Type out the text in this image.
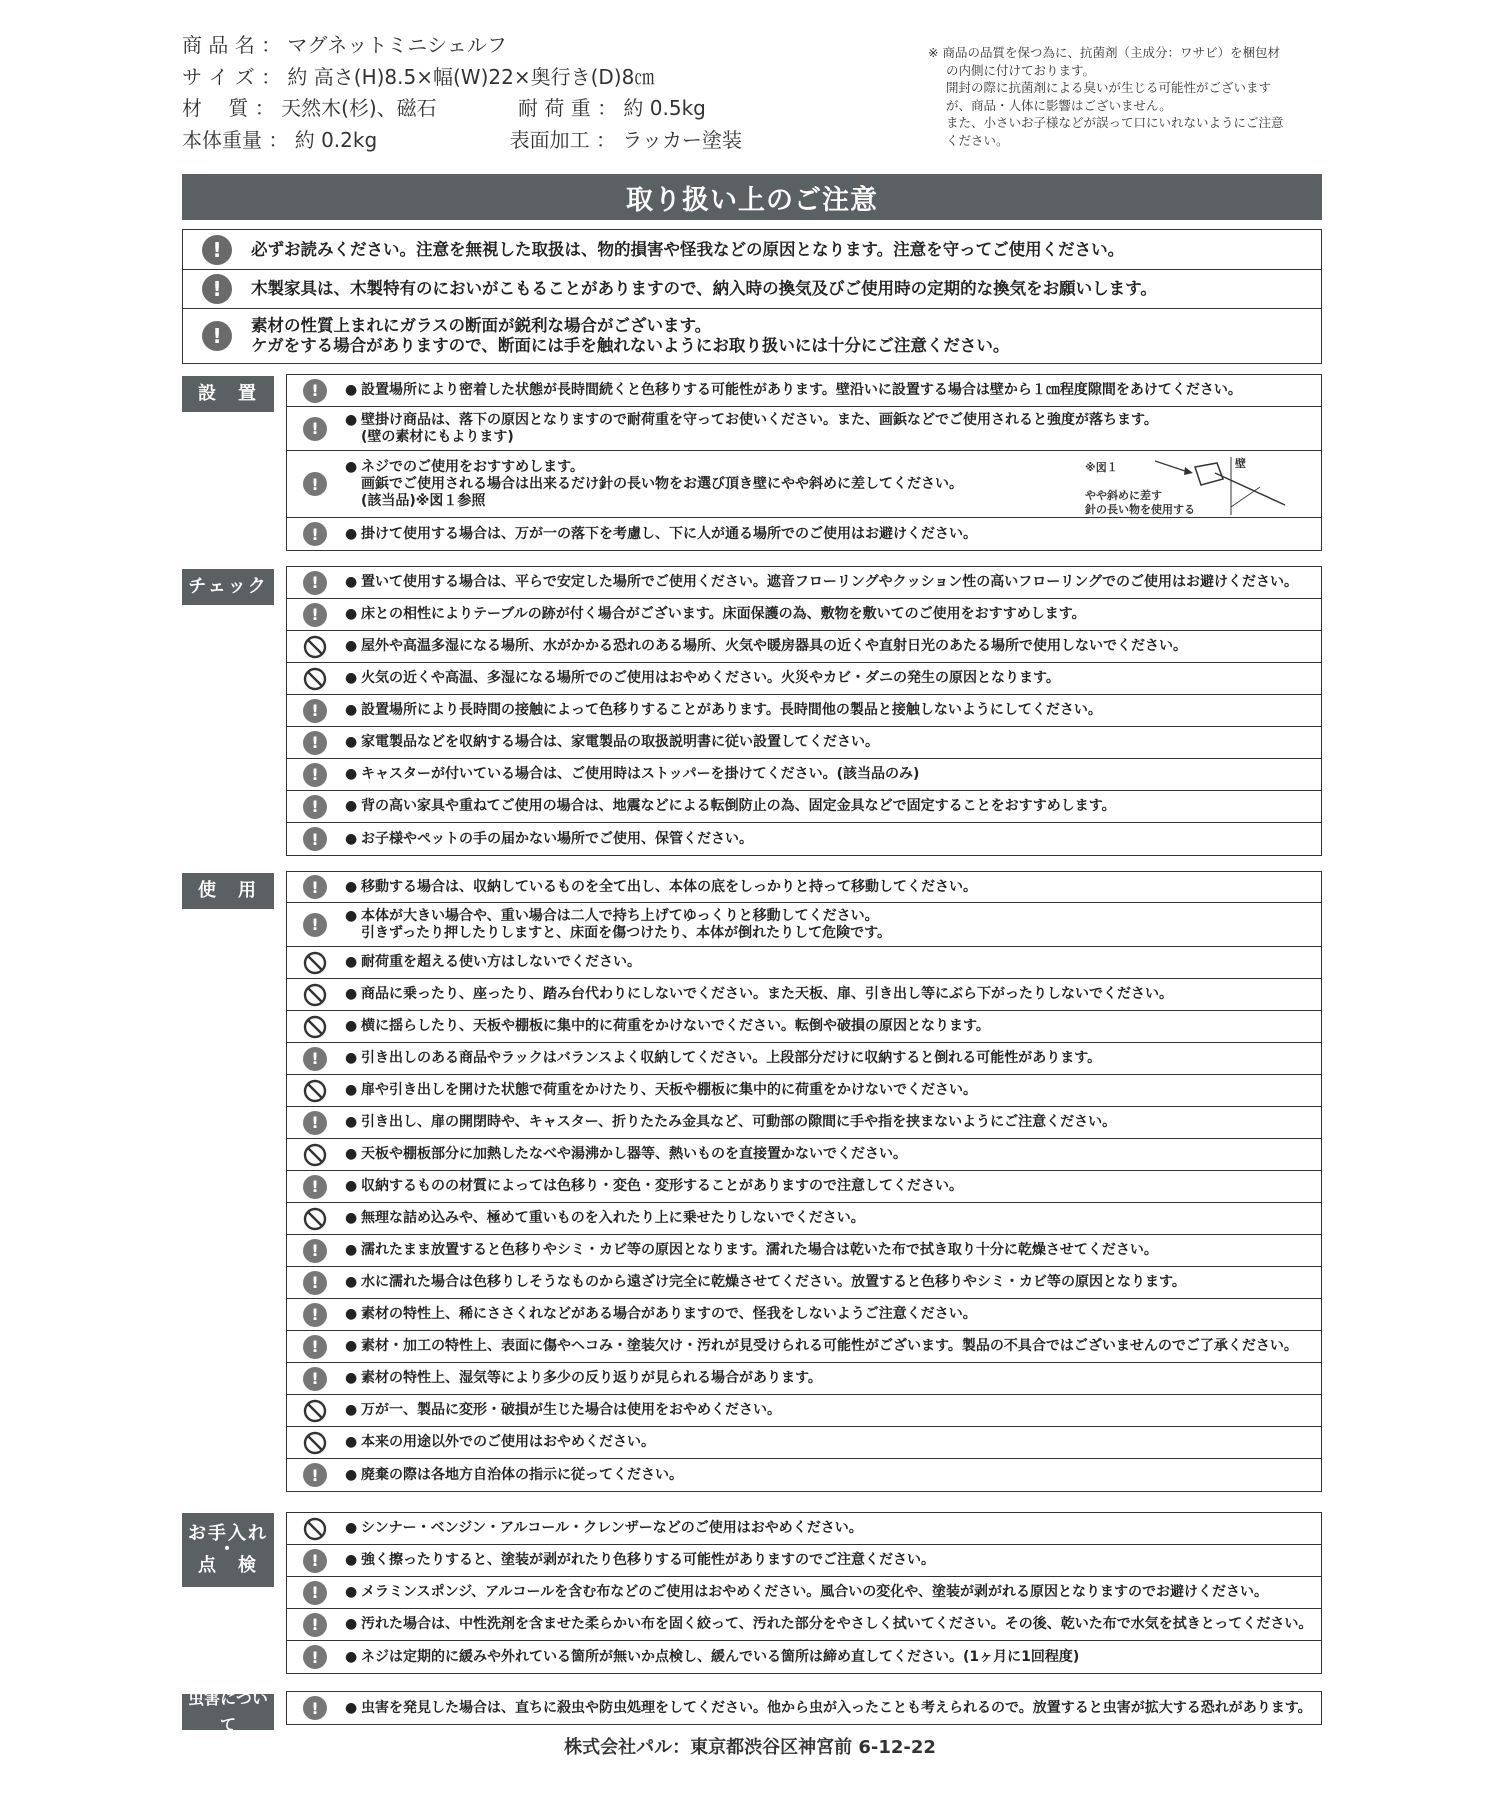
商 品 名 ： マグネットミニシェルフ
サ イ ズ ： 約 高さ(H)8.5×幅(W)22×奥行き(D)8㎝
材　 質 ： 天然木(杉)、磁石	耐 荷 重 ： 約 0.5kg
本体重量 ： 約 0.2kg	表面加工 ： ラッカー塗装
※ 商品の品質を保つ為に、抗菌剤（主成分：ワサビ）を梱包材
の内側に付けております。
開封の際に抗菌剤による臭いが生じる可能性がございます
が、商品・人体に影響はございません。
また、小さいお子様などが誤って口にいれないようにご注意
ください。
取り扱い上のご注意
!	必ずお読みください。注意を無視した取扱は、物的損害や怪我などの原因となります。注意を守ってご使用ください。
!	木製家具は、木製特有のにおいがこもることがありますので、納入時の換気及びご使用時の定期的な換気をお願いします。
!	素材の性質上まれにガラスの断面が鋭利な場合がございます。
ケガをする場合がありますので、断面には手を触れないようにお取り扱いには十分にご注意ください。
設　置	!	● 設置場所により密着した状態が長時間続くと色移りする可能性があります。壁沿いに設置する場合は壁から１㎝程度隙間をあけてください。
!	● 壁掛け商品は、落下の原因となりますので耐荷重を守ってお使いください。また、画鋲などでご使用されると強度が落ちます。
(壁の素材にもよります)
!
● ネジでのご使用をおすすめします。
画鋲でご使用される場合は出来るだけ針の長い物をお選び頂き壁にやや斜めに差してください。
(該当品)※図１参照
※図１	壁
やや斜めに差す
針の長い物を使用する
!	● 掛けて使用する場合は、万が一の落下を考慮し、下に人が通る場所でのご使用はお避けください。
チェック	!	● 置いて使用する場合は、平らで安定した場所でご使用ください。遮音フローリングやクッション性の高いフローリングでのご使用はお避けください。
!	● 床との相性によりテーブルの跡が付く場合がございます。床面保護の為、敷物を敷いてのご使用をおすすめします。
● 屋外や高温多湿になる場所、水がかかる恐れのある場所、火気や暖房器具の近くや直射日光のあたる場所で使用しないでください。
● 火気の近くや高温、多湿になる場所でのご使用はおやめください。火災やカビ・ダニの発生の原因となります。
!	● 設置場所により長時間の接触によって色移りすることがあります。長時間他の製品と接触しないようにしてください。
!	● 家電製品などを収納する場合は、家電製品の取扱説明書に従い設置してください。
!	● キャスターが付いている場合は、ご使用時はストッパーを掛けてください。(該当品のみ)
!	● 背の高い家具や重ねてご使用の場合は、地震などによる転倒防止の為、固定金具などで固定することをおすすめします。
!	● お子様やペットの手の届かない場所でご使用、保管ください。
使　用	!	● 移動する場合は、収納しているものを全て出し、本体の底をしっかりと持って移動してください。
!	● 本体が大きい場合や、重い場合は二人で持ち上げてゆっくりと移動してください。
引きずったり押したりしますと、床面を傷つけたり、本体が倒れたりして危険です。
● 耐荷重を超える使い方はしないでください。
● 商品に乗ったり、座ったり、踏み台代わりにしないでください。また天板、扉、引き出し等にぶら下がったりしないでください。
● 横に揺らしたり、天板や棚板に集中的に荷重をかけないでください。転倒や破損の原因となります。
!	● 引き出しのある商品やラックはバランスよく収納してください。上段部分だけに収納すると倒れる可能性があります。
● 扉や引き出しを開けた状態で荷重をかけたり、天板や棚板に集中的に荷重をかけないでください。
!	● 引き出し、扉の開閉時や、キャスター、折りたたみ金具など、可動部の隙間に手や指を挟まないようにご注意ください。
● 天板や棚板部分に加熱したなべや湯沸かし器等、熱いものを直接置かないでください。
!	● 収納するものの材質によっては色移り・変色・変形することがありますので注意してください。
● 無理な詰め込みや、極めて重いものを入れたり上に乗せたりしないでください。
!	● 濡れたまま放置すると色移りやシミ・カビ等の原因となります。濡れた場合は乾いた布で拭き取り十分に乾燥させてください。
!	● 水に濡れた場合は色移りしそうなものから遠ざけ完全に乾燥させてください。放置すると色移りやシミ・カビ等の原因となります。
!	● 素材の特性上、稀にささくれなどがある場合がありますので、怪我をしないようご注意ください。
!	● 素材・加工の特性上、表面に傷やヘコみ・塗装欠け・汚れが見受けられる可能性がございます。製品の不具合ではございませんのでご了承ください。
!	● 素材の特性上、湿気等により多少の反り返りが見られる場合があります。
● 万が一、製品に変形・破損が生じた場合は使用をおやめください。
● 本来の用途以外でのご使用はおやめください。
!	● 廃棄の際は各地方自治体の指示に従ってください。
お手入れ
・
点　検
● シンナー・ベンジン・アルコール・クレンザーなどのご使用はおやめください。
!	● 強く擦ったりすると、塗装が剥がれたり色移りする可能性がありますのでご注意ください。
!	● メラミンスポンジ、アルコールを含む布などのご使用はおやめください。風合いの変化や、塗装が剥がれる原因となりますのでお避けください。
!	● 汚れた場合は、中性洗剤を含ませた柔らかい布を固く絞って、汚れた部分をやさしく拭いてください。その後、乾いた布で水気を拭きとってください。
!	● ネジは定期的に緩みや外れている箇所が無いか点検し、緩んでいる箇所は締め直してください。(1ヶ月に1回程度)
虫害について
!	● 虫害を発見した場合は、直ちに殺虫や防虫処理をしてください。他から虫が入ったことも考えられるので。放置すると虫害が拡大する恐れがあります。
株式会社パル：東京都渋谷区神宮前 6-12-22
